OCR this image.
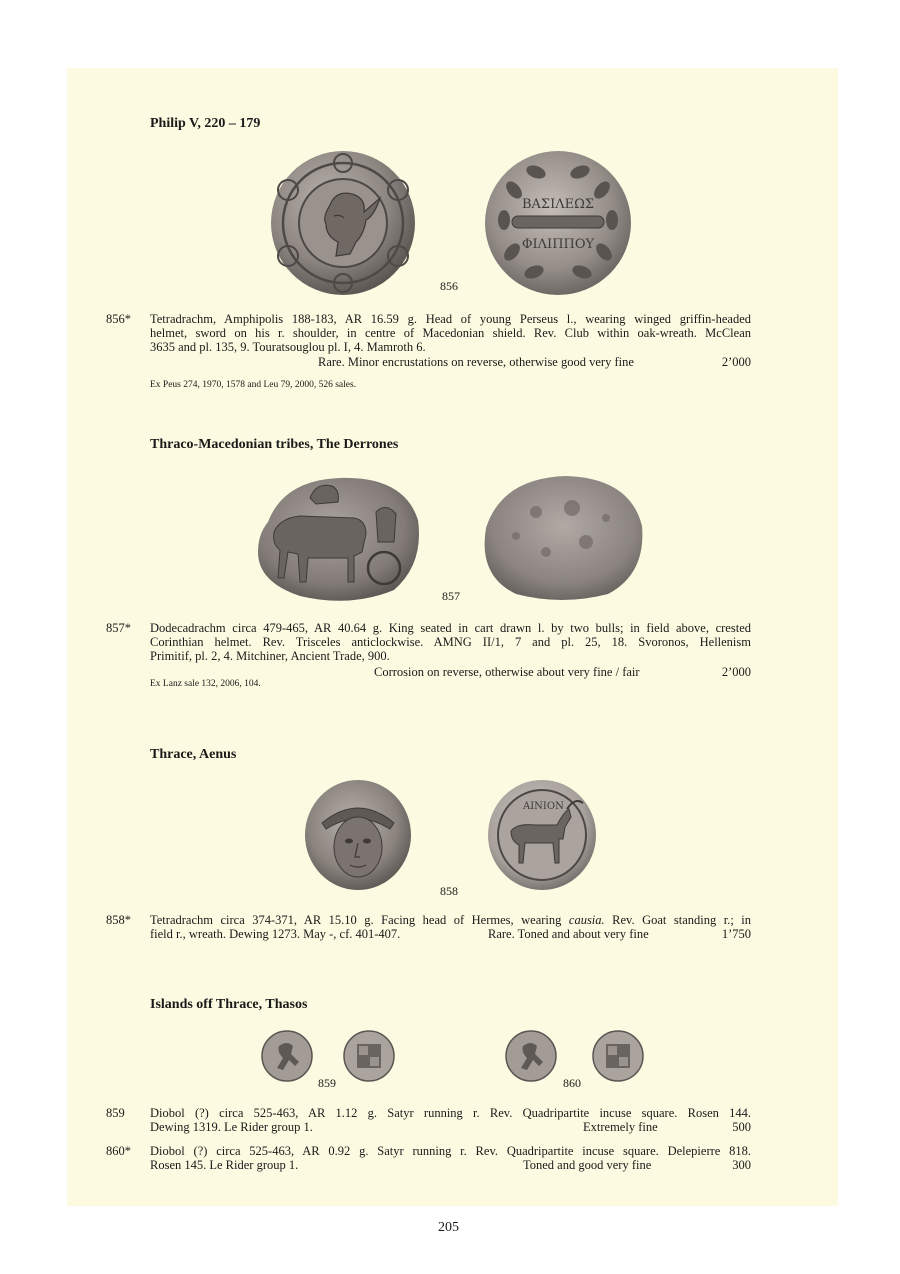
Philip V, 220 – 179
ΒΑΣΙΛΕΩΣ
ΦΙΛΙΠΠΟΥ
856
856* Tetradrachm, Amphipolis 188-183, AR 16.59 g. Head of young Perseus l., wearing winged griffin-headed
helmet, sword on his r. shoulder, in centre of Macedonian shield. Rev. Club within oak-wreath. McClean
3635 and pl. 135, 9. Touratsouglou pl. I, 4. Mamroth 6.
Rare. Minor encrustations on reverse, otherwise good very fine	2’000
Ex Peus 274, 1970, 1578 and Leu 79, 2000, 526 sales.
Thraco-Macedonian tribes, The Derrones
857
857* Dodecadrachm circa 479-465, AR 40.64 g. King seated in cart drawn l. by two bulls; in field above, crested
Corinthian helmet. Rev. Trisceles anticlockwise. AMNG II/1, 7 and pl. 25, 18. Svoronos, Hellenism
Primitif, pl. 2, 4. Mitchiner, Ancient Trade, 900.
Corrosion on reverse, otherwise about very fine / fair	2’000
Ex Lanz sale 132, 2006, 104.
Thrace, Aenus
ΑΙΝΙΟΝ
858
858* Tetradrachm circa 374-371, AR 15.10 g. Facing head of Hermes, wearing causia. Rev. Goat standing r.; in
field r., wreath. Dewing 1273. May -, cf. 401-407.	Rare. Toned and about very fine	1’750
Islands off Thrace, Thasos
859	860
859 Diobol (?) circa 525-463, AR 1.12 g. Satyr running r. Rev. Quadripartite incuse square. Rosen 144.
Dewing 1319. Le Rider group 1.	Extremely fine	500
860* Diobol (?) circa 525-463, AR 0.92 g. Satyr running r. Rev. Quadripartite incuse square. Delepierre 818.
Rosen 145. Le Rider group 1.	Toned and good very fine	300
205
